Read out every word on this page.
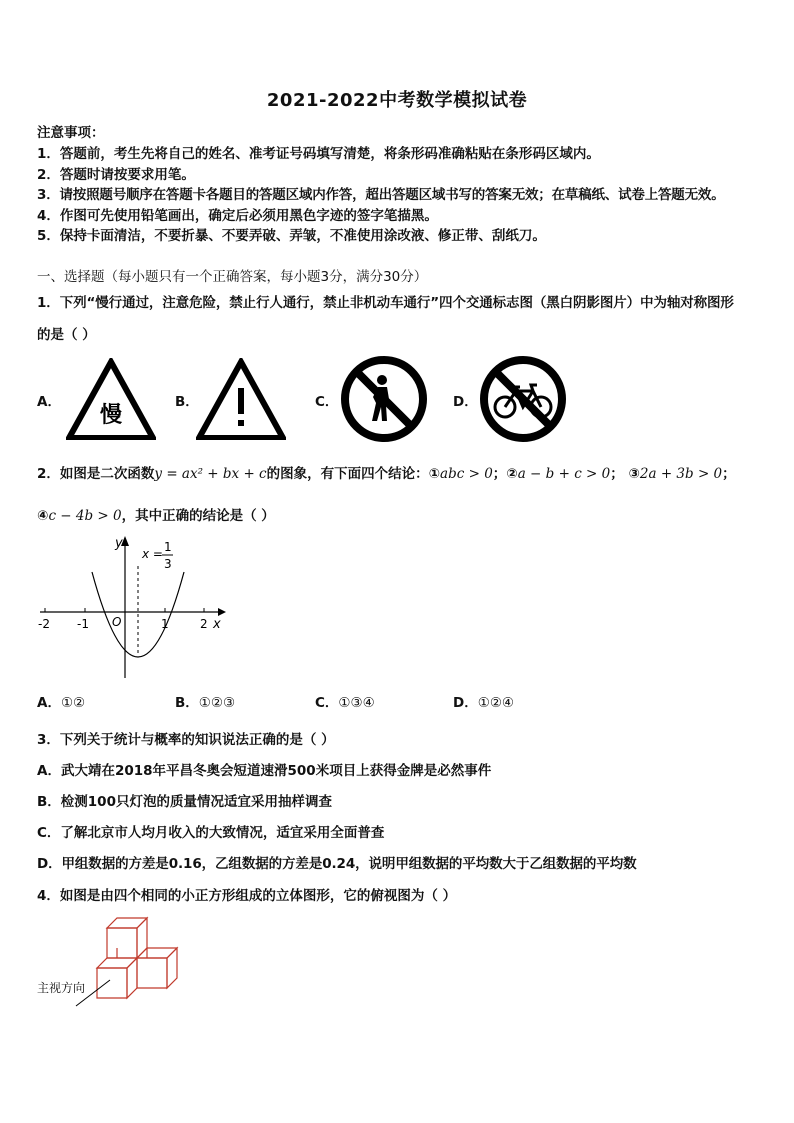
2021-2022中考数学模拟试卷
注意事项：
1．答题前，考生先将自己的姓名、准考证号码填写清楚，将条形码准确粘贴在条形码区域内。
2．答题时请按要求用笔。
3．请按照题号顺序在答题卡各题目的答题区域内作答，超出答题区域书写的答案无效；在草稿纸、试卷上答题无效。
4．作图可先使用铅笔画出，确定后必须用黑色字迹的签字笔描黑。
5．保持卡面清洁，不要折暴、不要弄破、弄皱，不准使用涂改液、修正带、刮纸刀。
一、选择题（每小题只有一个正确答案，每小题3分，满分30分）
1．下列“慢行通过，注意危险，禁止行人通行，禁止非机动车通行”四个交通标志图（黑白阴影图片）中为轴对称图形
的是（ ）
A．
慢
B．	C．	D．
2．如图是二次函数y = ax² + bx + c的图象，有下面四个结论：①abc > 0；②a − b + c > 0； ③2a + 3b > 0；
④c − 4b > 0，其中正确的结论是（ ）
y
x
x = 1
3
-2 -1 O	1	2
A．①②	B．①②③	C．①③④	D．①②④
3．下列关于统计与概率的知识说法正确的是（ ）
A．武大靖在2018年平昌冬奥会短道速滑500米项目上获得金牌是必然事件
B．检测100只灯泡的质量情况适宜采用抽样调查
C．了解北京市人均月收入的大致情况，适宜采用全面普查
D．甲组数据的方差是0.16，乙组数据的方差是0.24，说明甲组数据的平均数大于乙组数据的平均数
4．如图是由四个相同的小正方形组成的立体图形，它的俯视图为（ ）
主视方向
